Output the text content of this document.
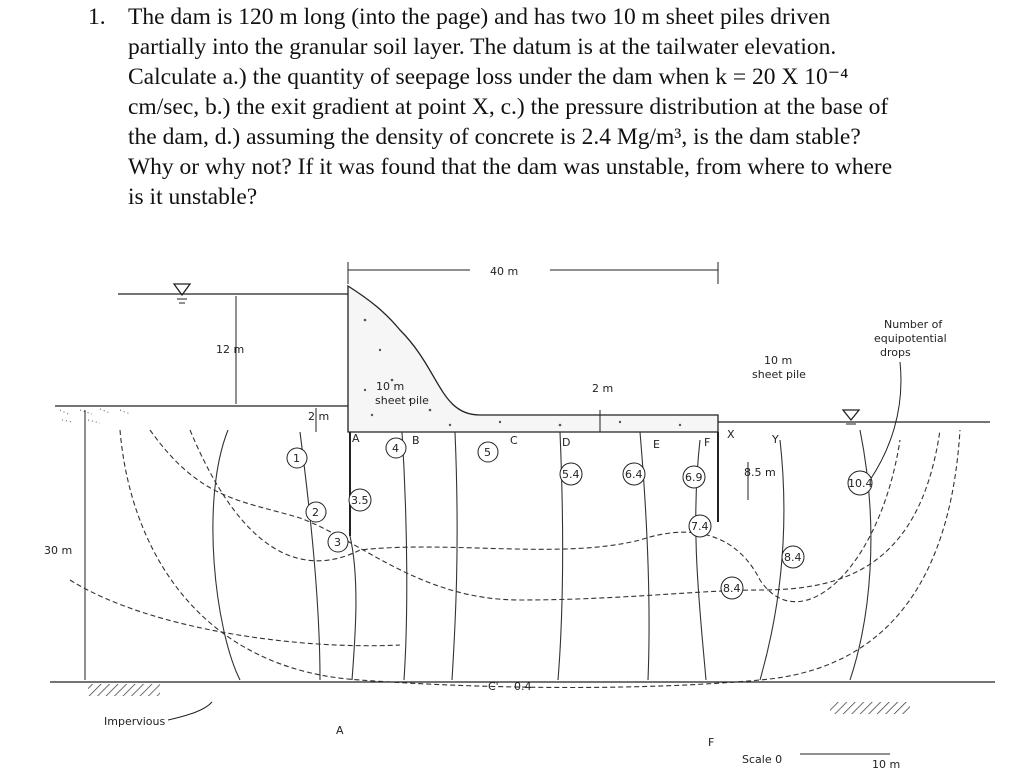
1. The dam is 120 m long (into the page) and has two 10 m sheet piles driven
partially into the granular soil layer. The datum is at the tailwater elevation.
Calculate a.) the quantity of seepage loss under the dam when k = 20 X 10⁻⁴
cm/sec, b.) the exit gradient at point X, c.) the pressure distribution at the base of
the dam, d.) assuming the density of concrete is 2.4 Mg/m³, is the dam stable?
Why or why not? If it was found that the dam was unstable, from where to where
is it unstable?
40 m
12 m
2 m
2 m
30 m
10 m
sheet pile
10 m
sheet pile
8.5 m
Number of
equipotential
drops
Impervious
A	B	C	D	E	F
X	Y
A
F
C' 0.4
1
2
3
3.5
4	5
5.4	6.4	6.9
7.4
8.4
8.4
10.4
Scale 0	10 m
